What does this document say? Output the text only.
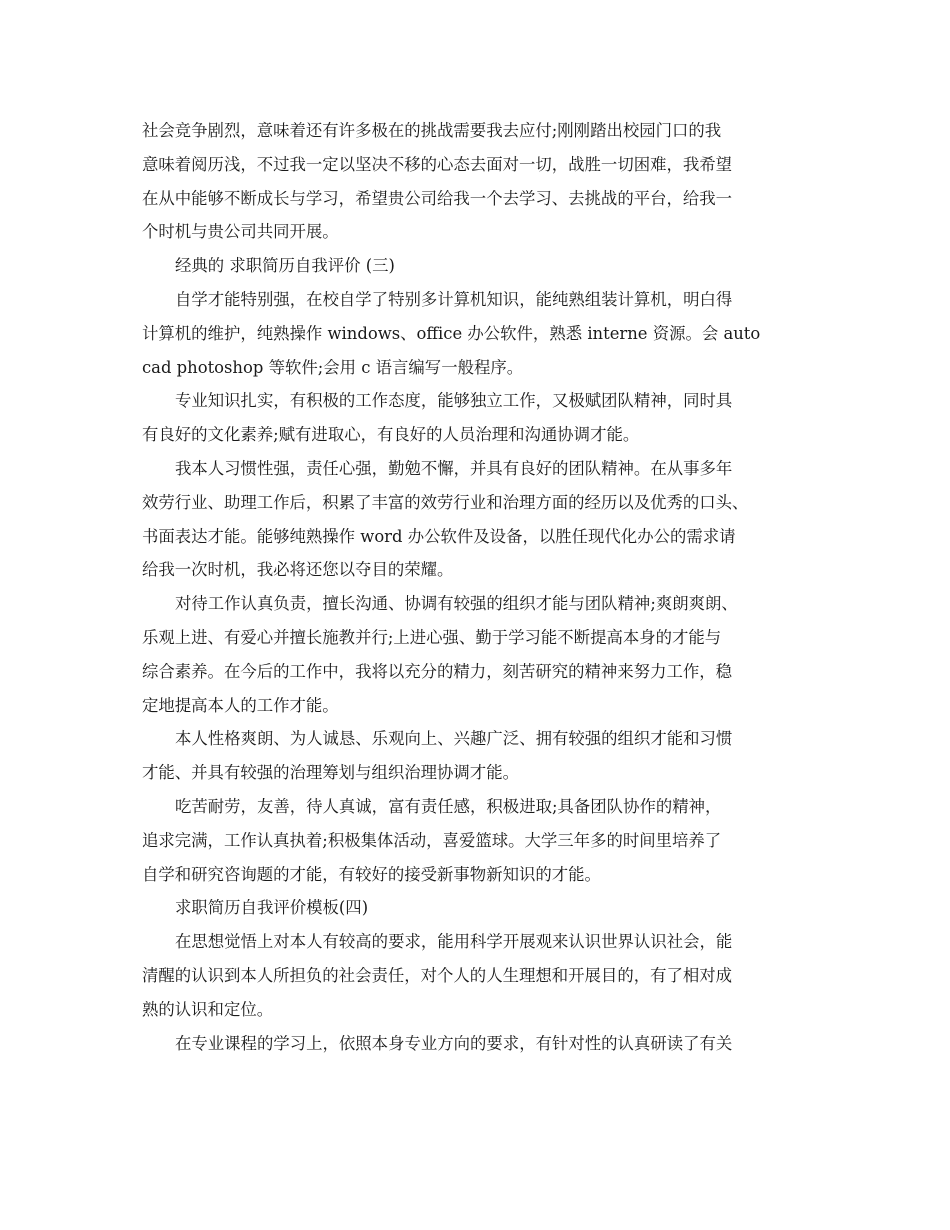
社会竞争剧烈，意味着还有许多极在的挑战需要我去应付;刚刚踏出校园门口的我
意味着阅历浅，不过我一定以坚决不移的心态去面对一切，战胜一切困难，我希望
在从中能够不断成长与学习，希望贵公司给我一个去学习、去挑战的平台，给我一
个时机与贵公司共同开展。
经典的 求职简历自我评价 (三)
自学才能特别强，在校自学了特别多计算机知识，能纯熟组装计算机，明白得
计算机的维护，纯熟操作 windows、office 办公软件，熟悉 interne 资源。会 auto
cad photoshop 等软件;会用 c 语言编写一般程序。
专业知识扎实，有积极的工作态度，能够独立工作，又极赋团队精神，同时具
有良好的文化素养;赋有进取心，有良好的人员治理和沟通协调才能。
我本人习惯性强，责任心强，勤勉不懈，并具有良好的团队精神。在从事多年
效劳行业、助理工作后，积累了丰富的效劳行业和治理方面的经历以及优秀的口头、
书面表达才能。能够纯熟操作 word 办公软件及设备，以胜任现代化办公的需求请
给我一次时机，我必将还您以夺目的荣耀。
对待工作认真负责，擅长沟通、协调有较强的组织才能与团队精神;爽朗爽朗、
乐观上进、有爱心并擅长施教并行;上进心强、勤于学习能不断提高本身的才能与
综合素养。在今后的工作中，我将以充分的精力，刻苦研究的精神来努力工作，稳
定地提高本人的工作才能。
本人性格爽朗、为人诚恳、乐观向上、兴趣广泛、拥有较强的组织才能和习惯
才能、并具有较强的治理筹划与组织治理协调才能。
吃苦耐劳，友善，待人真诚，富有责任感，积极进取;具备团队协作的精神，
追求完满，工作认真执着;积极集体活动，喜爱篮球。大学三年多的时间里培养了
自学和研究咨询题的才能，有较好的接受新事物新知识的才能。
求职简历自我评价模板(四)
在思想觉悟上对本人有较高的要求，能用科学开展观来认识世界认识社会，能
清醒的认识到本人所担负的社会责任，对个人的人生理想和开展目的，有了相对成
熟的认识和定位。
在专业课程的学习上，依照本身专业方向的要求，有针对性的认真研读了有关
